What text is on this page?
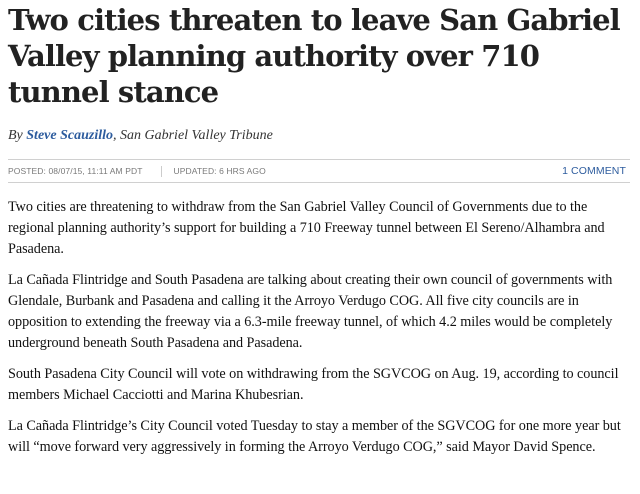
Two cities threaten to leave San Gabriel Valley planning authority over 710 tunnel stance
By Steve Scauzillo, San Gabriel Valley Tribune
POSTED: 08/07/15, 11:11 AM PDT	UPDATED: 6 HRS AGO	1 COMMENT

Two cities are threatening to withdraw from the San Gabriel Valley Council of Governments due to the regional planning authority’s support for building a 710 Freeway tunnel between El Sereno/Alhambra and Pasadena.

La Cañada Flintridge and South Pasadena are talking about creating their own council of governments with Glendale, Burbank and Pasadena and calling it the Arroyo Verdugo COG. All five city councils are in opposition to extending the freeway via a 6.3-mile freeway tunnel, of which 4.2 miles would be completely underground beneath South Pasadena and Pasadena.

South Pasadena City Council will vote on withdrawing from the SGVCOG on Aug. 19, according to council members Michael Cacciotti and Marina Khubesrian.

La Cañada Flintridge’s City Council voted Tuesday to stay a member of the SGVCOG for one more year but will “move forward very aggressively in forming the Arroyo Verdugo COG,” said Mayor David Spence.
